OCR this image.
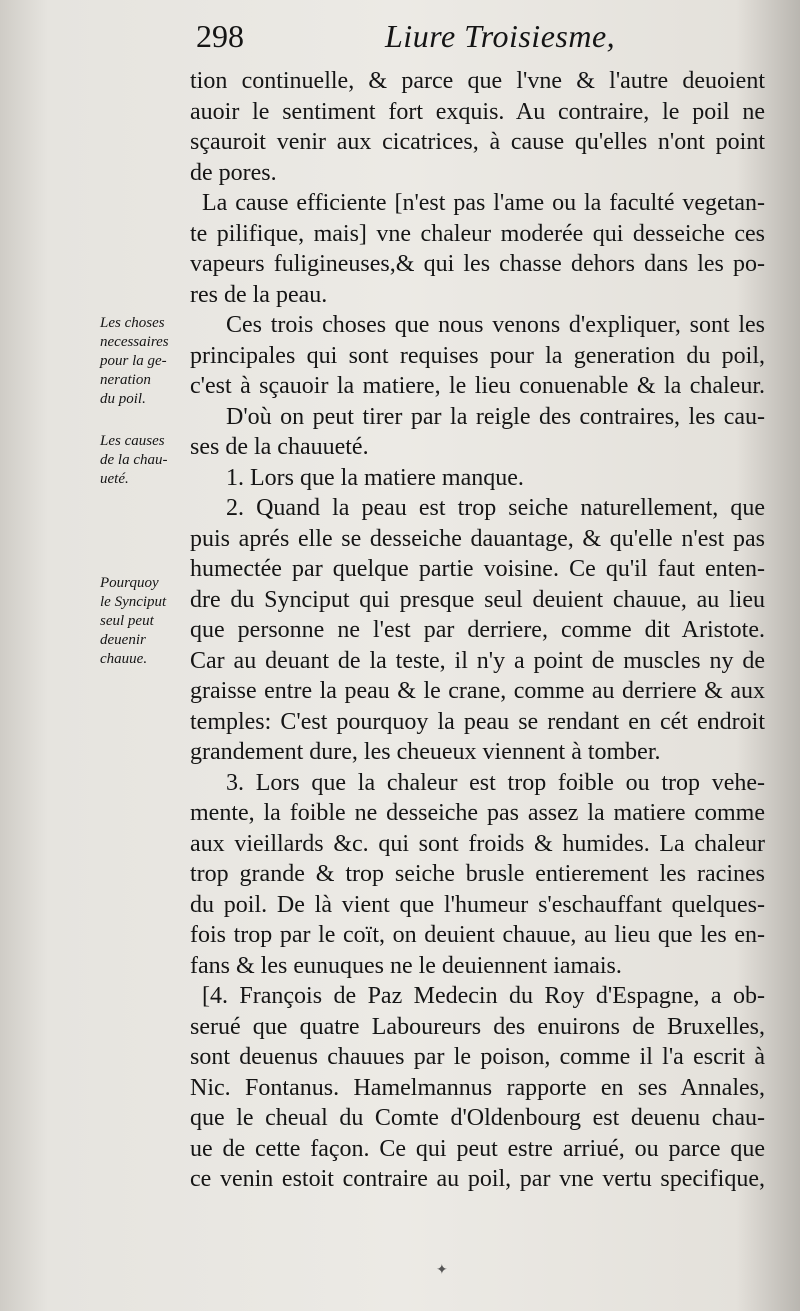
298	Liure Troisiesme,
tion continuelle, & parce que l'vne & l'autre deuoient
auoir le sentiment fort exquis. Au contraire, le poil ne
sçauroit venir aux cicatrices, à cause qu'elles n'ont point
de pores.
La cause efficiente [n'est pas l'ame ou la faculté vegetan-
te pilifique, mais] vne chaleur moderée qui desseiche ces
vapeurs fuligineuses,& qui les chasse dehors dans les po-
res de la peau.
Ces trois choses que nous venons d'expliquer, sont les
principales qui sont requises pour la generation du poil,
c'est à sçauoir la matiere, le lieu conuenable & la chaleur.
D'où on peut tirer par la reigle des contraires, les cau-
ses de la chauueté.
1. Lors que la matiere manque.
2. Quand la peau est trop seiche naturellement, que
puis aprés elle se desseiche dauantage, & qu'elle n'est pas
humectée par quelque partie voisine. Ce qu'il faut enten-
dre du Synciput qui presque seul deuient chauue, au lieu
que personne ne l'est par derriere, comme dit Aristote.
Car au deuant de la teste, il n'y a point de muscles ny de
graisse entre la peau & le crane, comme au derriere & aux
temples: C'est pourquoy la peau se rendant en cét endroit
grandement dure, les cheueux viennent à tomber.
3. Lors que la chaleur est trop foible ou trop vehe-
mente, la foible ne desseiche pas assez la matiere comme
aux vieillards &c. qui sont froids & humides. La chaleur
trop grande & trop seiche brusle entierement les racines
du poil. De là vient que l'humeur s'eschauffant quelques-
fois trop par le coït, on deuient chauue, au lieu que les en-
fans & les eunuques ne le deuiennent iamais.
[4. François de Paz Medecin du Roy d'Espagne, a ob-
serué que quatre Laboureurs des enuirons de Bruxelles,
sont deuenus chauues par le poison, comme il l'a escrit à
Nic. Fontanus. Hamelmannus rapporte en ses Annales,
que le cheual du Comte d'Oldenbourg est deuenu chau-
ue de cette façon. Ce qui peut estre arriué, ou parce que
ce venin estoit contraire au poil, par vne vertu specifique,
Les choses
necessaires
pour la ge-
neration
du poil.
Les causes
de la chau-
ueté.
Pourquoy
le Synciput
seul peut
deuenir
chauue.
✦
